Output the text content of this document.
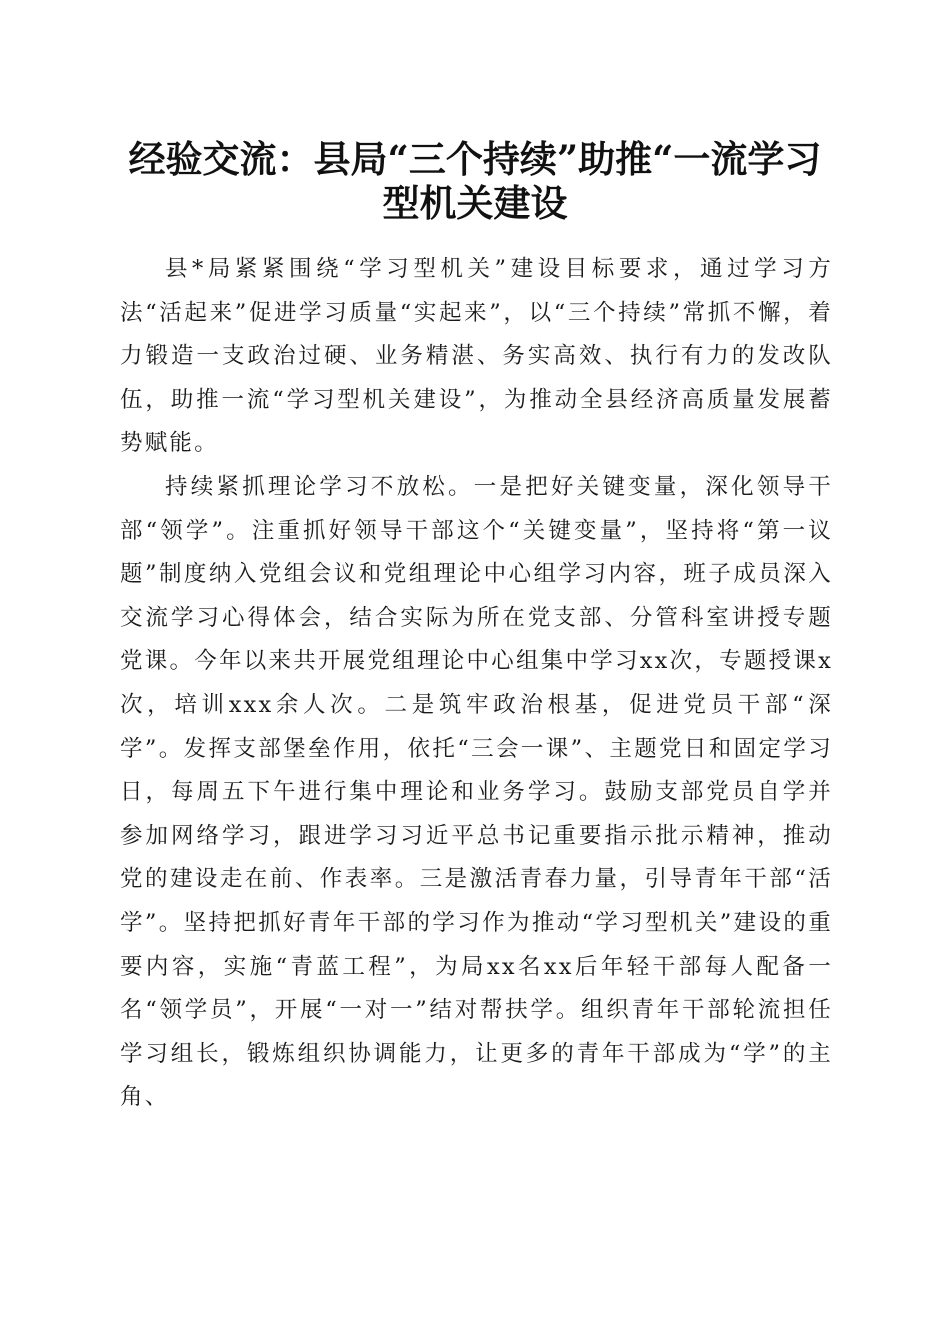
经验交流：县局“三个持续”助推“一流学习
型机关建设

县*局紧紧围绕“学习型机关”建设目标要求，通过学习方法“活起来”促进学习质量“实起来”，以“三个持续”常抓不懈，着力锻造一支政治过硬、业务精湛、务实高效、执行有力的发改队伍，助推一流“学习型机关建设”，为推动全县经济高质量发展蓄势赋能。

持续紧抓理论学习不放松。一是把好关键变量，深化领导干部“领学”。注重抓好领导干部这个“关键变量”，坚持将“第一议题”制度纳入党组会议和党组理论中心组学习内容，班子成员深入交流学习心得体会，结合实际为所在党支部、分管科室讲授专题党课。今年以来共开展党组理论中心组集中学习xx次，专题授课x次，培训xxx余人次。二是筑牢政治根基，促进党员干部“深学”。发挥支部堡垒作用，依托“三会一课”、主题党日和固定学习日，每周五下午进行集中理论和业务学习。鼓励支部党员自学并参加网络学习，跟进学习习近平总书记重要指示批示精神，推动党的建设走在前、作表率。三是激活青春力量，引导青年干部“活学”。坚持把抓好青年干部的学习作为推动“学习型机关”建设的重要内容，实施“青蓝工程”，为局xx名xx后年轻干部每人配备一名“领学员”，开展“一对一”结对帮扶学。组织青年干部轮流担任学习组长，锻炼组织协调能力，让更多的青年干部成为“学”的主角、
